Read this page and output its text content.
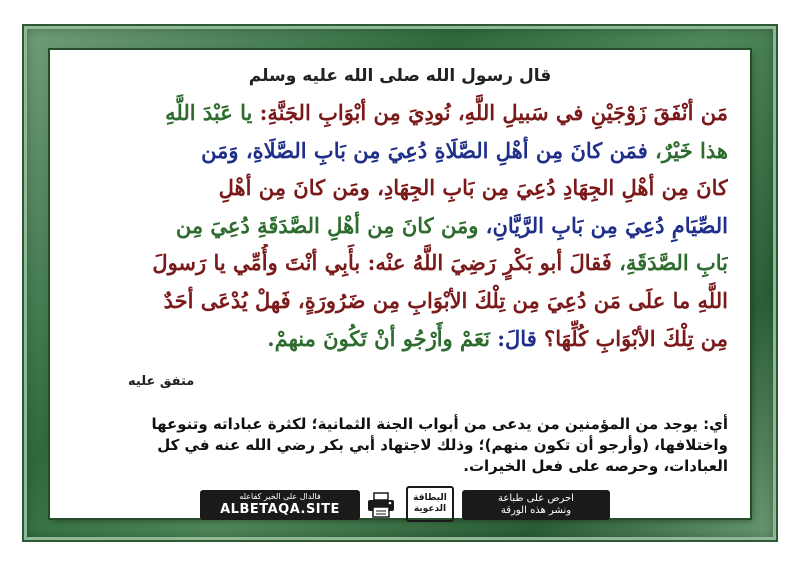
قال رسول الله صلى الله عليه وسلم
مَن أنْفَقَ زَوْجَيْنِ في سَبيلِ اللَّهِ، نُودِيَ مِن أبْوَابِ الجَنَّةِ: يا عَبْدَ اللَّهِ
هذا خَيْرٌ، فمَن كانَ مِن أهْلِ الصَّلَاةِ دُعِيَ مِن بَابِ الصَّلَاةِ، وَمَن
كانَ مِن أهْلِ الجِهَادِ دُعِيَ مِن بَابِ الجِهَادِ، ومَن كانَ مِن أهْلِ
الصِّيَامِ دُعِيَ مِن بَابِ الرَّيَّانِ، ومَن كانَ مِن أهْلِ الصَّدَقَةِ دُعِيَ مِن
بَابِ الصَّدَقَةِ، فَقالَ أبو بَكْرٍ رَضِيَ اللَّهُ عنْه: بأَبِي أنْتَ وأُمِّي يا رَسولَ
اللَّهِ ما علَى مَن دُعِيَ مِن تِلْكَ الأبْوَابِ مِن ضَرُورَةٍ، فَهلْ يُدْعَى أحَدٌ
مِن تِلْكَ الأبْوَابِ كُلِّهَا؟ قالَ: نَعَمْ وأَرْجُو أنْ تَكُونَ منهمْ.
متفق عليه
أي: يوجد من المؤمنين من يدعى من أبواب الجنة الثمانية؛ لكثرة عباداته وتنوعها واختلافها، (وأرجو أن تكون منهم)؛ وذلك لاجتهاد أبي بكر رضي الله عنه في كل العبادات، وحرصه على فعل الخيرات.
فالدال على الخير كفاعله
ALBETAQA.SITE
البطاقة
الدعوية
احرص على طباعة
ونشر هذه الورقة
